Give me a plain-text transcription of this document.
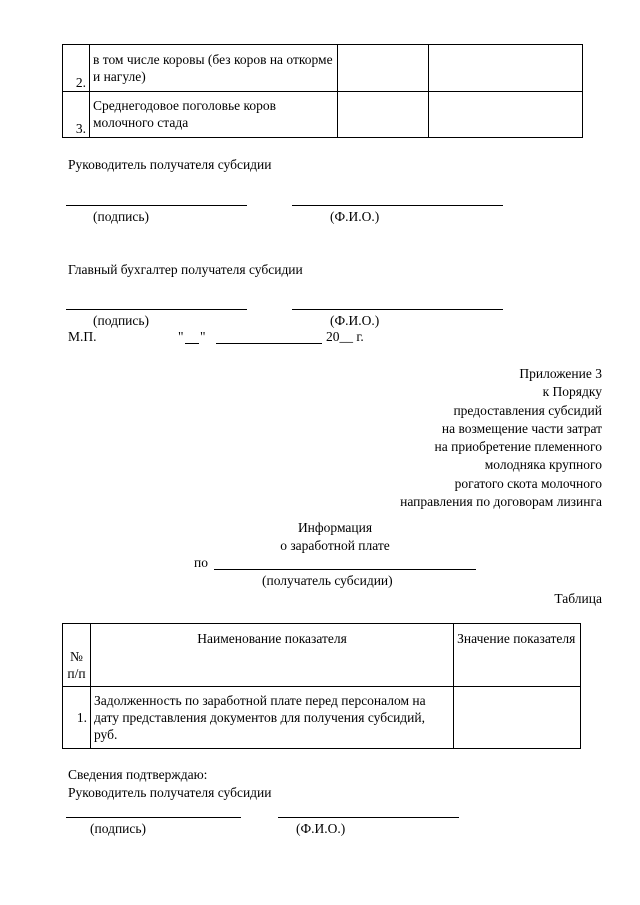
2.	в том числе коровы (без коров на откорме и нагуле)		
3.	Среднегодовое поголовье коров молочного стада		
Руководитель получателя субсидии
(подпись)	(Ф.И.О.)
Главный бухгалтер получателя субсидии
(подпись)	(Ф.И.О.)
М.П.	" "	20__ г.
Приложение 3
к Порядку
предоставления субсидий
на возмещение части затрат
на приобретение племенного
молодняка крупного
рогатого скота молочного
направления по договорам лизинга
Информация
о заработной плате
по
(получатель субсидии)
Таблица
№ п/п	Наименование показателя	Значение показателя
1.	Задолженность по заработной плате перед персоналом на дату представления документов для получения субсидий, руб.	
Сведения подтверждаю:
Руководитель получателя субсидии
(подпись)	(Ф.И.О.)
